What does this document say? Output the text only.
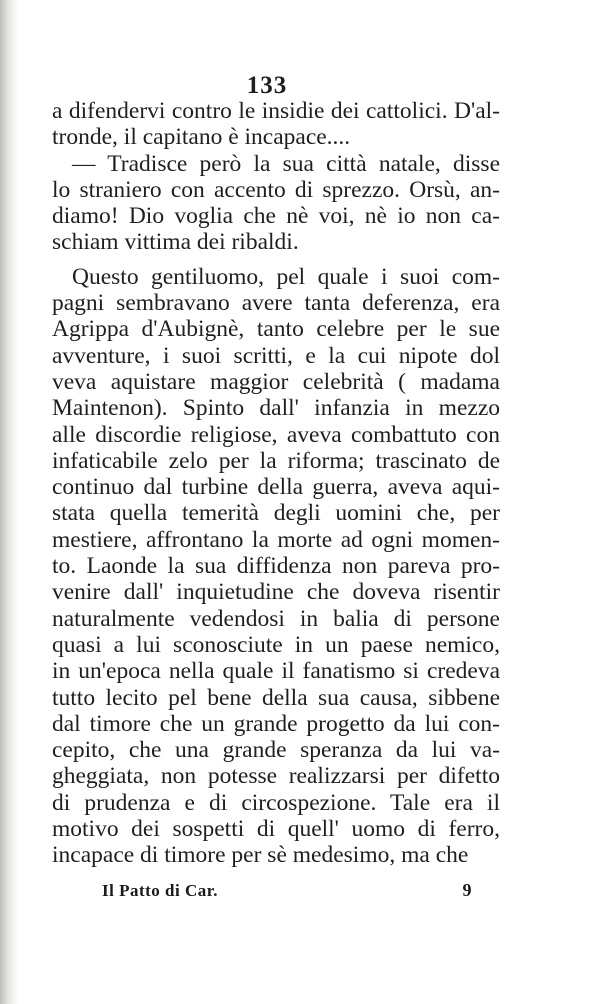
133
a difendervi contro le insidie dei cattolici. D'al-
tronde, il capitano è incapace....
— Tradisce però la sua città natale, disse
lo straniero con accento di sprezzo. Orsù, an-
diamo! Dio voglia che nè voi, nè io non ca-
schiam vittima dei ribaldi.
Questo gentiluomo, pel quale i suoi com-
pagni sembravano avere tanta deferenza, era
Agrippa d'Aubignè, tanto celebre per le sue
avventure, i suoi scritti, e la cui nipote dol
veva aquistare maggior celebrità ( madama
Maintenon). Spinto dall' infanzia in mezzo
alle discordie religiose, aveva combattuto con
infaticabile zelo per la riforma; trascinato de
continuo dal turbine della guerra, aveva aqui-
stata quella temerità degli uomini che, per
mestiere, affrontano la morte ad ogni momen-
to. Laonde la sua diffidenza non pareva pro-
venire dall' inquietudine che doveva risentir
naturalmente vedendosi in balia di persone
quasi a lui sconosciute in un paese nemico,
in un'epoca nella quale il fanatismo si credeva
tutto lecito pel bene della sua causa, sibbene
dal timore che un grande progetto da lui con-
cepito, che una grande speranza da lui va-
gheggiata, non potesse realizzarsi per difetto
di prudenza e di circospezione. Tale era il
motivo dei sospetti di quell' uomo di ferro,
incapace di timore per sè medesimo, ma che
Il Patto di Car.	9
